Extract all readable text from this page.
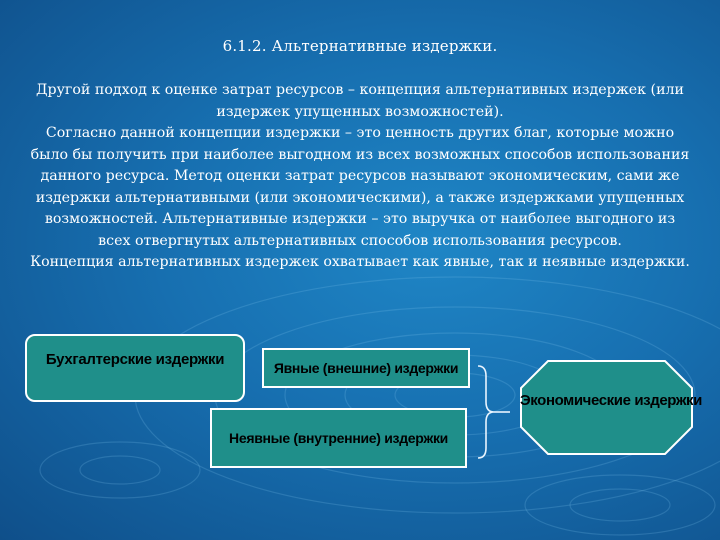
6.1.2. Альтернативные издержки.

Другой подход к оценке затрат ресурсов – концепция альтернативных издержек (или издержек упущенных возможностей).

Согласно данной концепции издержки – это ценность других благ, которые можно было бы получить при наиболее выгодном из всех возможных способов использования данного ресурса. Метод оценки затрат ресурсов называют экономическим, сами же издержки альтернативными (или экономическими), а также издержками упущенных возможностей. Альтернативные издержки – это выручка от наиболее выгодного из всех отвергнутых альтернативных способов использования ресурсов.

Концепция альтернативных издержек охватывает как явные, так и неявные издержки.

Бухгалтерские издержки	Явные (внешние) издержки
Неявные (внутренние) издержки
Экономические издержки
